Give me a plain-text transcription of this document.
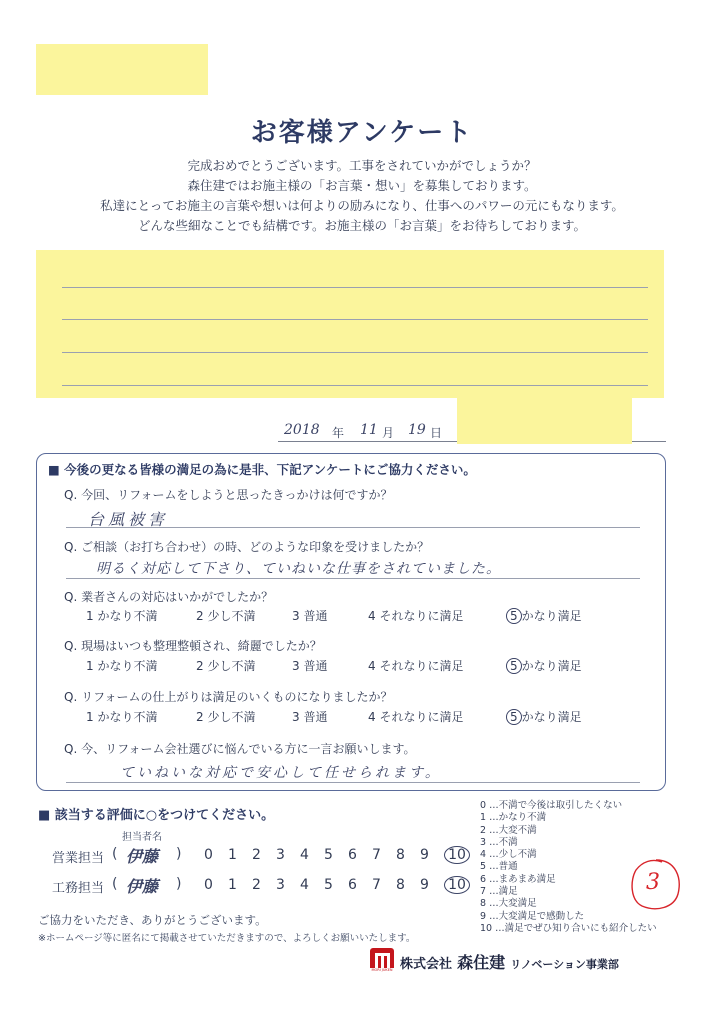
お客様アンケート
完成おめでとうございます。工事をされていかがでしょうか？
森住建ではお施主様の「お言葉・想い」を募集しております。
私達にとってお施主の言葉や想いは何よりの励みになり、仕事へのパワーの元にもなります。
どんな些細なことでも結構です。お施主様の「お言葉」をお待ちしております。
2018 年 11 月 19 日
■ 今後の更なる皆様の満足の為に是非、下記アンケートにご協力ください。
Q. 今回、リフォームをしようと思ったきっかけは何ですか？
台風被害
Q. ご相談（お打ち合わせ）の時、どのような印象を受けましたか？
明るく対応して下さり、ていねいな仕事をされていました。
Q. 業者さんの対応はいかがでしたか？
1 かなり不満	2 少し不満	3 普通	4 それなりに満足	5 かなり満足
Q. 現場はいつも整理整頓され、綺麗でしたか？
1 かなり不満	2 少し不満	3 普通	4 それなりに満足	5 かなり満足
Q. リフォームの仕上がりは満足のいくものになりましたか？
1 かなり不満	2 少し不満	3 普通	4 それなりに満足	5 かなり満足
Q. 今、リフォーム会社選びに悩んでいる方に一言お願いします。
ていねいな対応で安心して任せられます。
■ 該当する評価に○をつけてください。
担当者名
営業担当 ( 伊藤 ) 0 1 2 3 4 5 6 7 8 9 10
工務担当 ( 伊藤 ) 0 1 2 3 4 5 6 7 8 9 10
0 …不満で今後は取引したくない
1 …かなり不満
2 …大変不満
3 …不満
4 …少し不満
5 …普通
6 …まあまあ満足
7 …満足
8 …大変満足
9 …大変満足で感動した
10 …満足でぜひ知り合いにも紹介したい
3
ご協力をいただき、ありがとうございます。
※ホームページ等に匿名にて掲載させていただきますので、よろしくお願いいたします。
MORI JUKEN 株式会社 森住建 リノベーション事業部
